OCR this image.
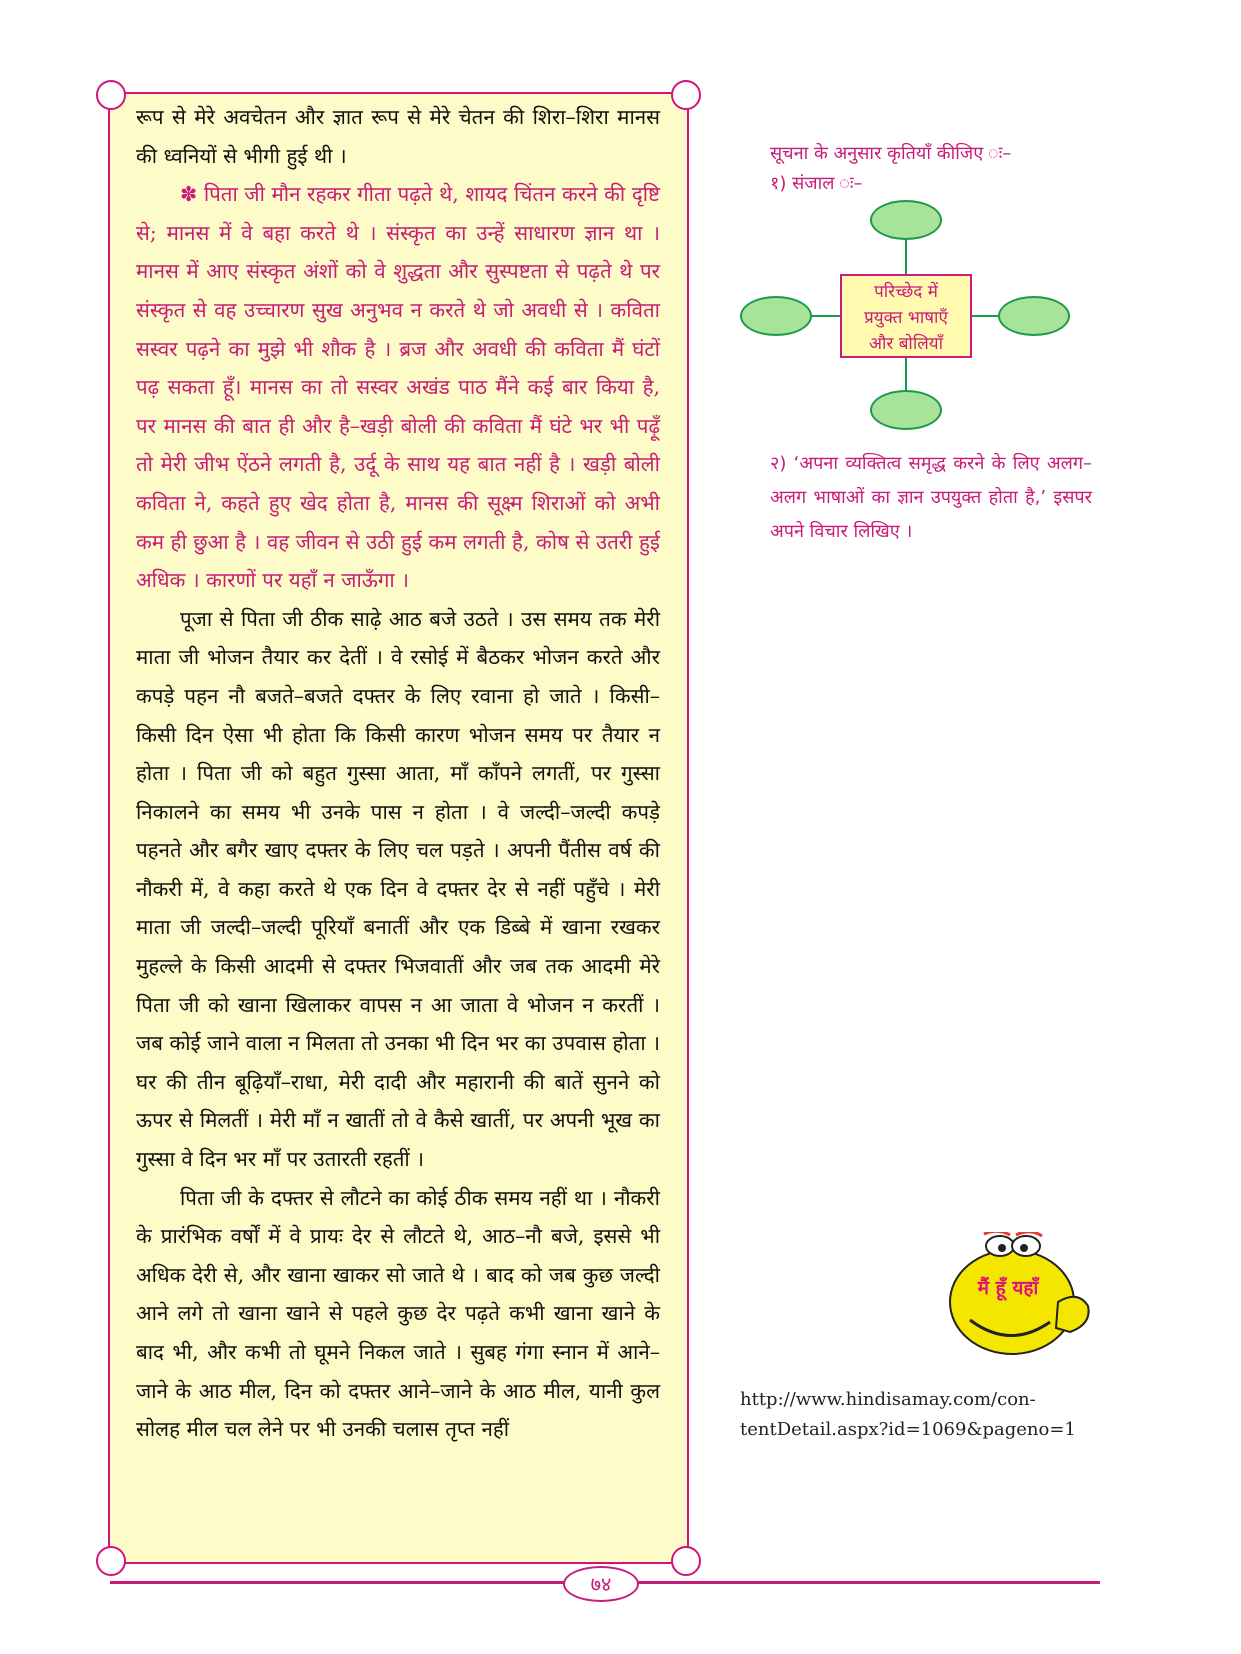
रूप से मेरे अवचेतन और ज्ञात रूप से मेरे चेतन की शिरा–शिरा मानस की ध्वनियों से भीगी हुई थी ।

✽ पिता जी मौन रहकर गीता पढ़ते थे, शायद चिंतन करने की दृष्टि से; मानस में वे बहा करते थे । संस्कृत का उन्हें साधारण ज्ञान था । मानस में आए संस्कृत अंशों को वे शुद्धता और सुस्पष्टता से पढ़ते थे पर संस्कृत से वह उच्चारण सुख अनुभव न करते थे जो अवधी से । कविता सस्वर पढ़ने का मुझे भी शौक है । ब्रज और अवधी की कविता मैं घंटों पढ़ सकता हूँ। मानस का तो सस्वर अखंड पाठ मैंने कई बार किया है, पर मानस की बात ही और है–खड़ी बोली की कविता मैं घंटे भर भी पढ़ूँ तो मेरी जीभ ऐंठने लगती है, उर्दू के साथ यह बात नहीं है । खड़ी बोली कविता ने, कहते हुए खेद होता है, मानस की सूक्ष्म शिराओं को अभी कम ही छुआ है । वह जीवन से उठी हुई कम लगती है, कोष से उतरी हुई अधिक । कारणों पर यहाँ न जाऊँगा ।

पूजा से पिता जी ठीक साढ़े आठ बजे उठते । उस समय तक मेरी माता जी भोजन तैयार कर देतीं । वे रसोई में बैठकर भोजन करते और कपड़े पहन नौ बजते–बजते दफ्तर के लिए रवाना हो जाते । किसी–किसी दिन ऐसा भी होता कि किसी कारण भोजन समय पर तैयार न होता । पिता जी को बहुत गुस्सा आता, माँ काँपने लगतीं, पर गुस्सा निकालने का समय भी उनके पास न होता । वे जल्दी–जल्दी कपड़े पहनते और बगैर खाए दफ्तर के लिए चल पड़ते । अपनी पैंतीस वर्ष की नौकरी में, वे कहा करते थे एक दिन वे दफ्तर देर से नहीं पहुँचे । मेरी माता जी जल्दी–जल्दी पूरियाँ बनातीं और एक डिब्बे में खाना रखकर मुहल्ले के किसी आदमी से दफ्तर भिजवातीं और जब तक आदमी मेरे पिता जी को खाना खिलाकर वापस न आ जाता वे भोजन न करतीं । जब कोई जाने वाला न मिलता तो उनका भी दिन भर का उपवास होता । घर की तीन बूढ़ियाँ–राधा, मेरी दादी और महारानी की बातें सुनने को ऊपर से मिलतीं । मेरी माँ न खातीं तो वे कैसे खातीं, पर अपनी भूख का गुस्सा वे दिन भर माँ पर उतारती रहतीं ।

पिता जी के दफ्तर से लौटने का कोई ठीक समय नहीं था । नौकरी के प्रारंभिक वर्षों में वे प्रायः देर से लौटते थे, आठ–नौ बजे, इससे भी अधिक देरी से, और खाना खाकर सो जाते थे । बाद को जब कुछ जल्दी आने लगे तो खाना खाने से पहले कुछ देर पढ़ते कभी खाना खाने के बाद भी, और कभी तो घूमने निकल जाते । सुबह गंगा स्नान में आने–जाने के आठ मील, दिन को दफ्तर आने–जाने के आठ मील, यानी कुल सोलह मील चल लेने पर भी उनकी चलास तृप्त नहीं

सूचना के अनुसार कृतियाँ कीजिए ः–
१) संजाल ः–
परिच्छेद में
प्रयुक्त भाषाएँ
और बोलियाँ
२) ‘अपना व्यक्तित्व समृद्ध करने के लिए अलग–अलग भाषाओं का ज्ञान उपयुक्त होता है,’ इसपर अपने विचार लिखिए ।
मैं हूँ यहाँ
http://www.hindisamay.com/con-
tentDetail.aspx?id=1069&pageno=1
७४
